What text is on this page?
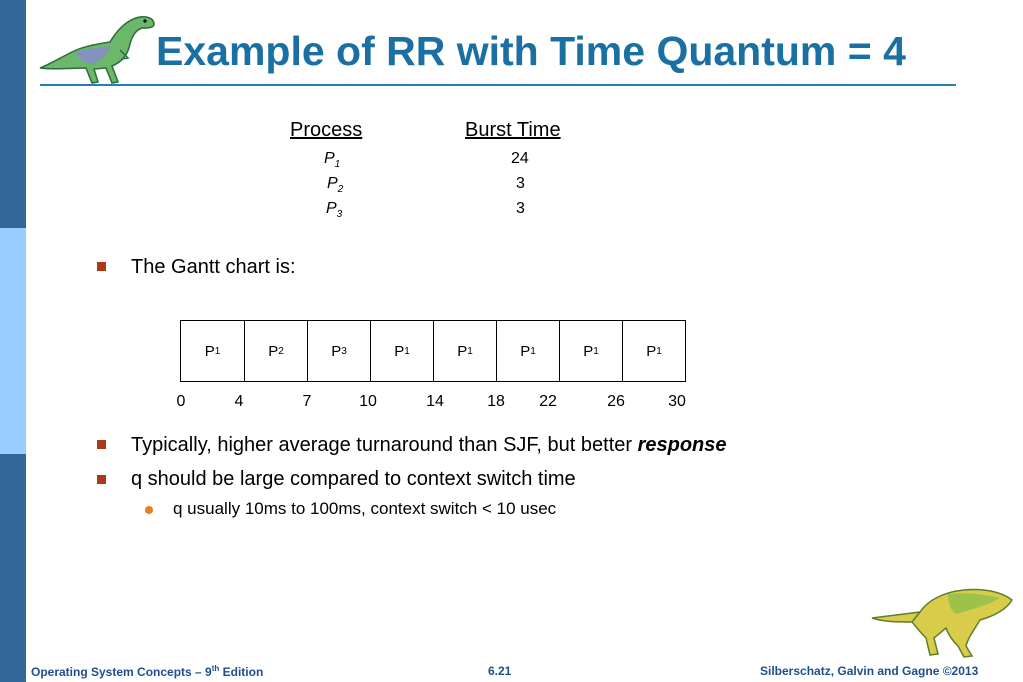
Example of RR with Time Quantum = 4
Process	Burst Time
$P_1$	24
$P_2$	3
$P_3$	3
The Gantt chart is:
P 1	P 2	P 3	P 1	P 1	P 1	P 1	P 1
0	4	7	10	14	18 22	26	30
Typically, higher average turnaround than SJF, but better response
q should be large compared to context switch time
q usually 10ms to 100ms, context switch < 10 usec
Operating System Concepts – 9th Edition	6.21	Silberschatz, Galvin and Gagne ©2013
